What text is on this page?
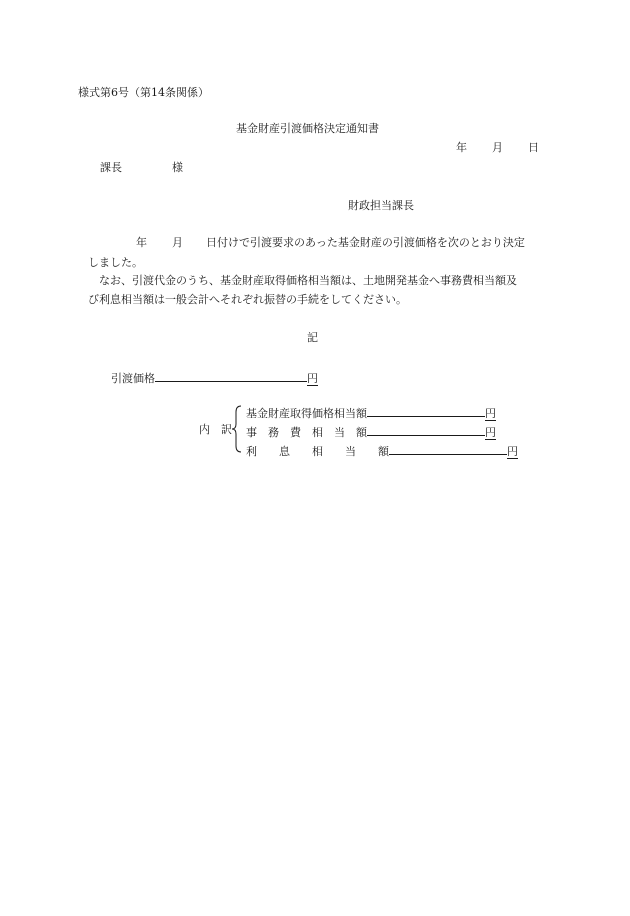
様式第6号（第14条関係）
基金財産引渡価格決定通知書
年 月 日
課長	様
財政担当課長
年 月 日付けで引渡要求のあった基金財産の引渡価格を次のとおり決定
しました。
なお、引渡代金のうち、基金財産取得価格相当額は、土地開発基金へ事務費相当額及
び利息相当額は一般会計へそれぞれ振替の手続をしてください。
記
引渡価格	円
内　訳
基金財産取得価格相当額	円
事　務　費　相　当　額	円
利　　息　　相　　当　　額	円
